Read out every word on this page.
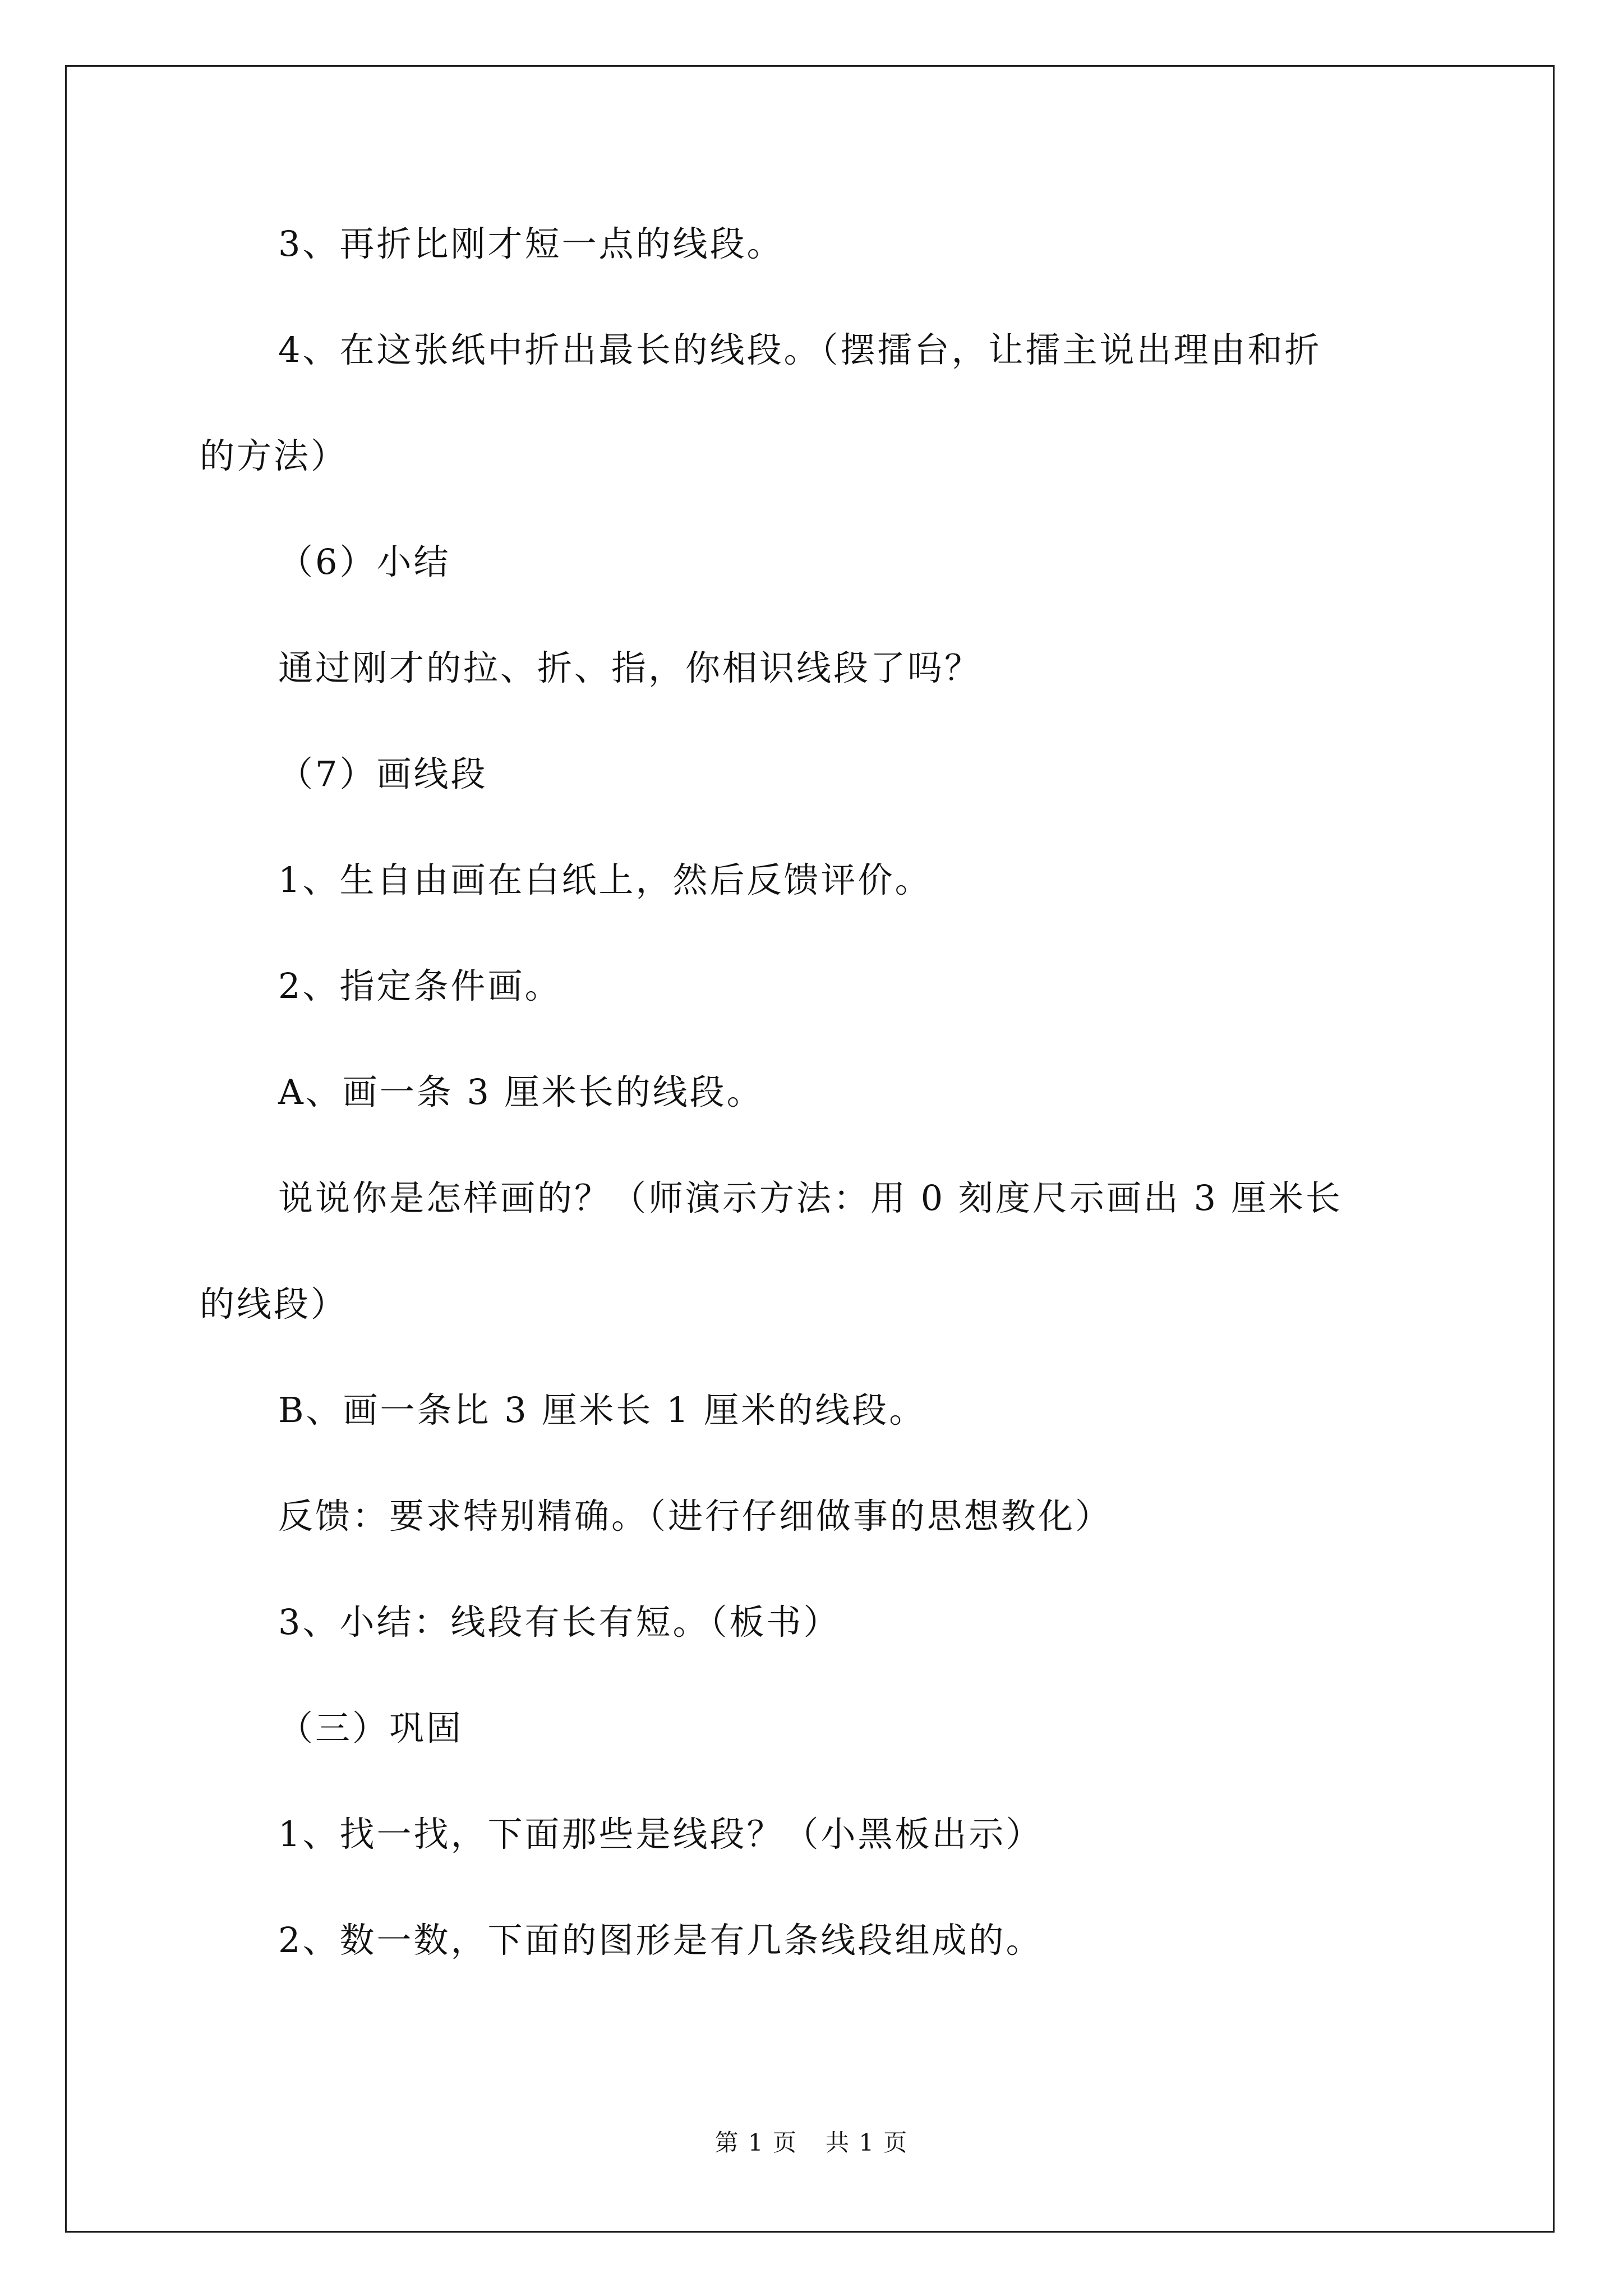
3、再折比刚才短一点的线段。
4、在这张纸中折出最长的线段。（摆擂台，让擂主说出理由和折
的方法）
（6）小结
通过刚才的拉、折、指，你相识线段了吗？
（7）画线段
1、生自由画在白纸上，然后反馈评价。
2、指定条件画。
A、画一条 3 厘米长的线段。
说说你是怎样画的？（师演示方法：用 0 刻度尺示画出 3 厘米长
的线段）
B、画一条比 3 厘米长 1 厘米的线段。
反馈：要求特别精确。（进行仔细做事的思想教化）
3、小结：线段有长有短。（板书）
（三）巩固
1、找一找，下面那些是线段？（小黑板出示）
2、数一数，下面的图形是有几条线段组成的。
第 1 页 共 1 页
